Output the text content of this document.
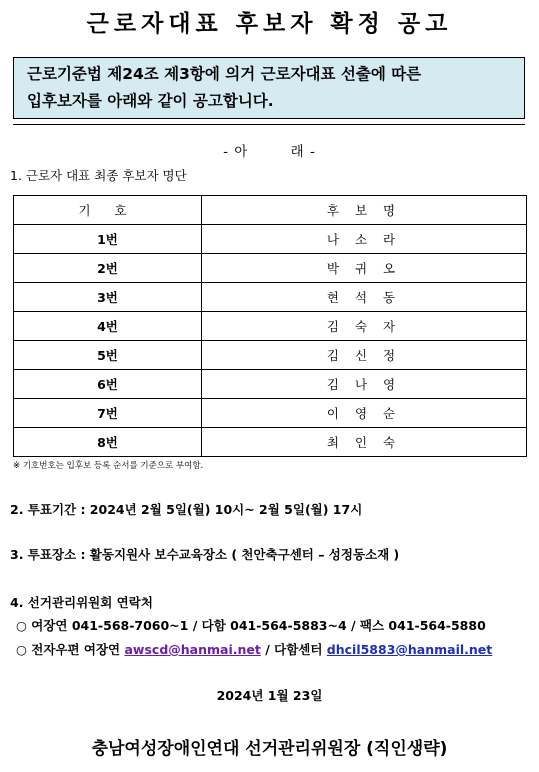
근로자대표 후보자 확정 공고
근로기준법 제24조 제3항에 의거 근로자대표 선출에 따른
입후보자를 아래와 같이 공고합니다.
- 아        래 -
1. 근로자 대표 최종 후보자 명단
기 호	후 보 명
1번	나 소 라
2번	박 귀 오
3번	현 석 동
4번	김 숙 자
5번	김 신 정
6번	김 나 영
7번	이 영 순
8번	최 인 숙
※ 기호번호는 입후보 등록 순서를 기준으로 부여함.
2. 투표기간 : 2024년 2월 5일(월) 10시~ 2월 5일(월) 17시
3. 투표장소 : 활동지원사 보수교육장소 ( 천안축구센터 – 성정동소재 )
4. 선거관리위원회 연락처
○ 여장연 041-568-7060~1 / 다함 041-564-5883~4 / 팩스 041-564-5880
○ 전자우편 여장연 awscd@hanmai.net / 다함센터 dhcil5883@hanmail.net
2024년 1월 23일
충남여성장애인연대 선거관리위원장 (직인생략)
